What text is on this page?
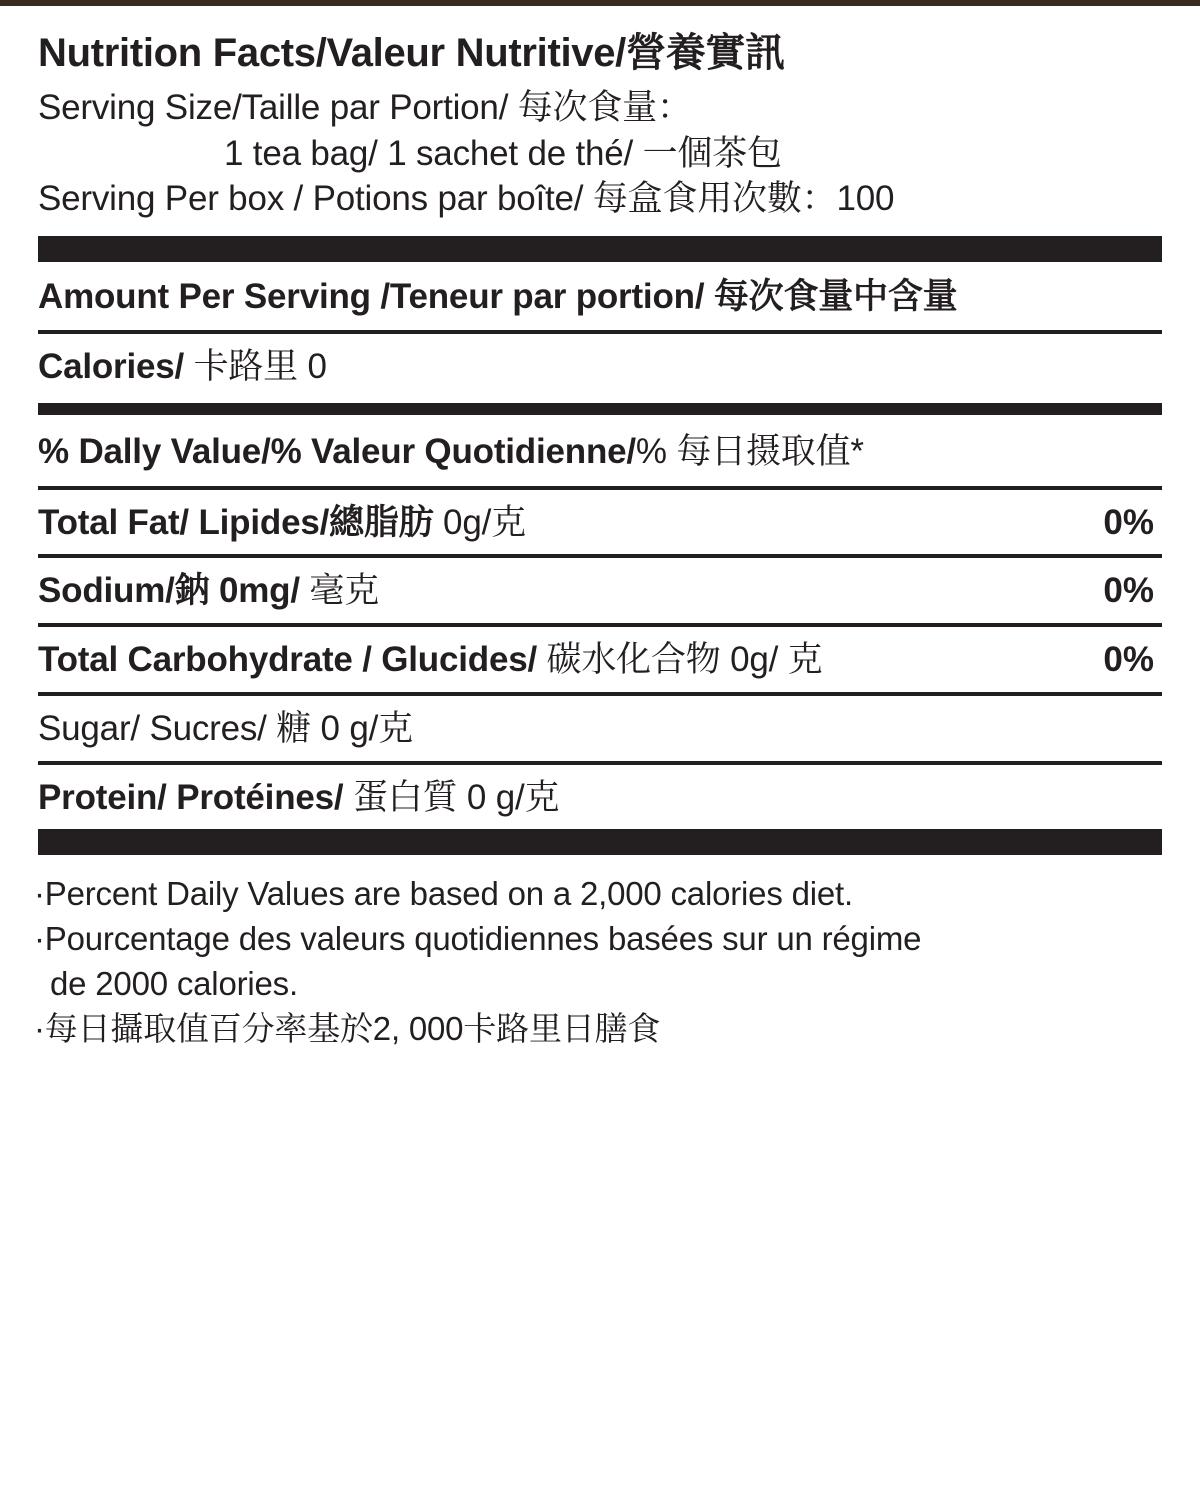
Nutrition Facts/Valeur Nutritive/營養實訊
Serving Size/Taille par Portion/ 每次食量：
1 tea bag/ 1 sachet de thé/ 一個茶包
Serving Per box / Potions par boîte/ 每盒食用次數：100
Amount Per Serving /Teneur par portion/ 每次食量中含量
Calories/ 卡路里 0
% Dally Value/% Valeur Quotidienne/% 每日摄取值*
Total Fat/ Lipides/總脂肪 0g/克	0%
Sodium/鈉 0mg/ 毫克	0%
Total Carbohydrate / Glucides/ 碳水化合物 0g/ 克	0%
Sugar/ Sucres/ 糖 0 g/克
Protein/ Protéines/ 蛋白質 0 g/克

·Percent Daily Values are based on a 2,000 calories diet.

·Pourcentage des valeurs quotidiennes basées sur un régime

de 2000 calories.

·每日攝取值百分率基於2, 000卡路里日膳食
